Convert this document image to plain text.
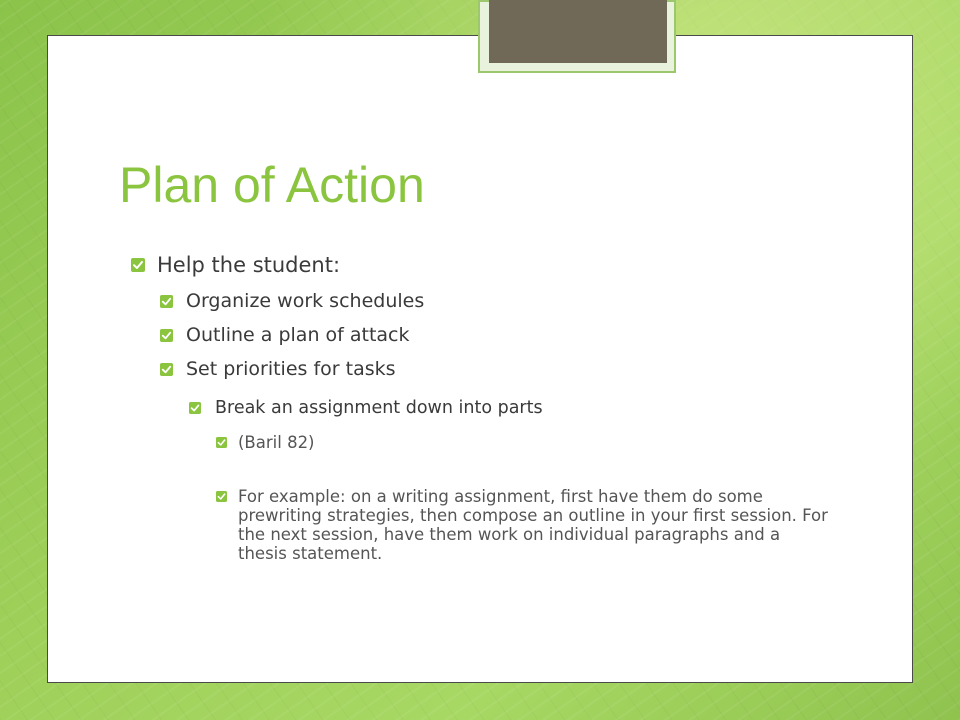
Plan of Action
Help the student:
Organize work schedules
Outline a plan of attack
Set priorities for tasks
Break an assignment down into parts
(Baril 82)
For example: on a writing assignment, first have them do some prewriting strategies, then compose an outline in your first session. For the next session, have them work on individual paragraphs and a thesis statement.
